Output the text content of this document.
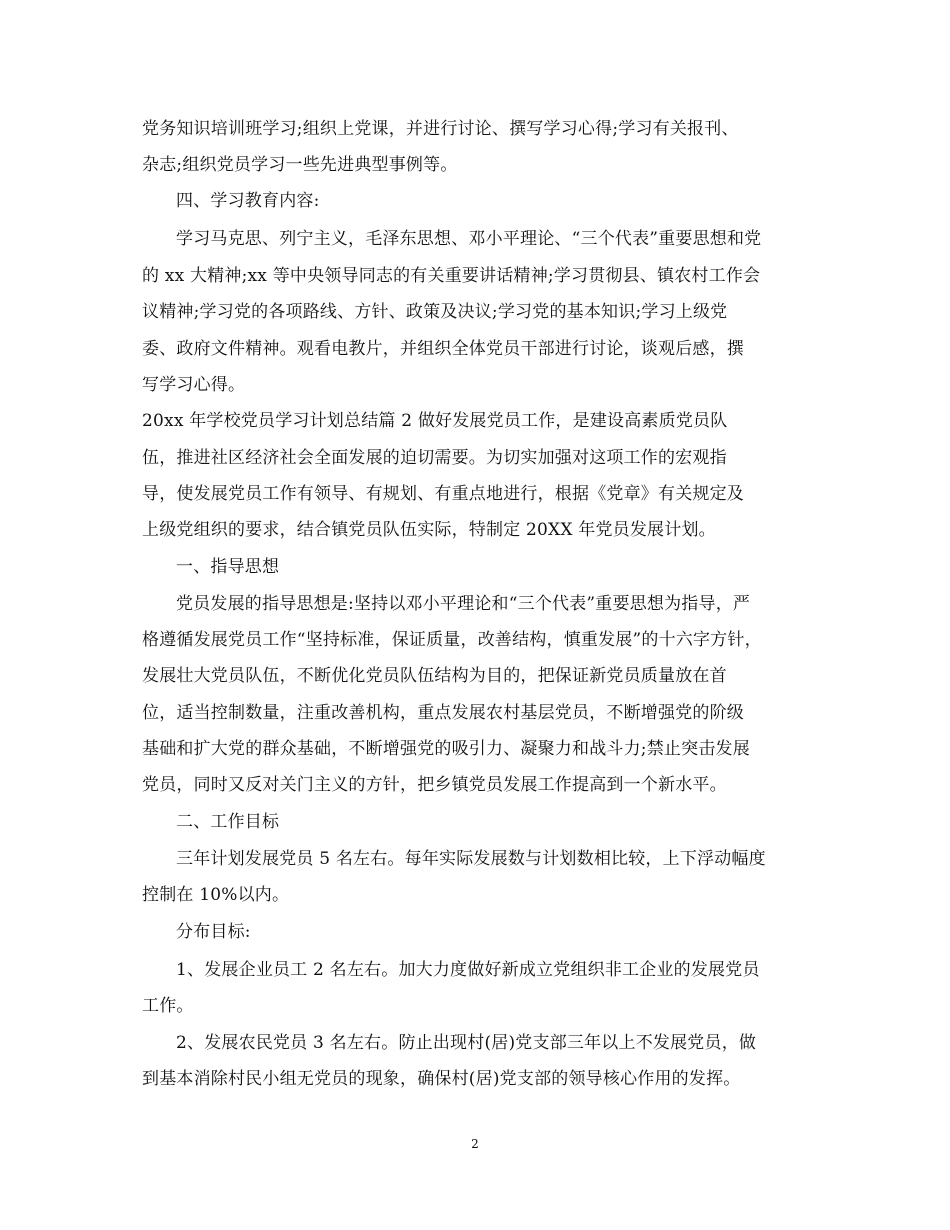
党务知识培训班学习;组织上党课，并进行讨论、撰写学习心得;学习有关报刊、
杂志;组织党员学习一些先进典型事例等。
四、学习教育内容:
学习马克思、列宁主义，毛泽东思想、邓小平理论、“三个代表”重要思想和党
的 xx 大精神;xx 等中央领导同志的有关重要讲话精神;学习贯彻县、镇农村工作会
议精神;学习党的各项路线、方针、政策及决议;学习党的基本知识;学习上级党
委、政府文件精神。观看电教片，并组织全体党员干部进行讨论，谈观后感，撰
写学习心得。
20xx 年学校党员学习计划总结篇 2 做好发展党员工作，是建设高素质党员队
伍，推进社区经济社会全面发展的迫切需要。为切实加强对这项工作的宏观指
导，使发展党员工作有领导、有规划、有重点地进行，根据《党章》有关规定及
上级党组织的要求，结合镇党员队伍实际，特制定 20XX 年党员发展计划。
一、指导思想
党员发展的指导思想是:坚持以邓小平理论和“三个代表”重要思想为指导，严
格遵循发展党员工作“坚持标准，保证质量，改善结构，慎重发展”的十六字方针，
发展壮大党员队伍，不断优化党员队伍结构为目的，把保证新党员质量放在首
位，适当控制数量，注重改善机构，重点发展农村基层党员，不断增强党的阶级
基础和扩大党的群众基础，不断增强党的吸引力、凝聚力和战斗力;禁止突击发展
党员，同时又反对关门主义的方针，把乡镇党员发展工作提高到一个新水平。
二、工作目标
三年计划发展党员 5 名左右。每年实际发展数与计划数相比较，上下浮动幅度
控制在 10%以内。
分布目标:
1、发展企业员工 2 名左右。加大力度做好新成立党组织非工企业的发展党员
工作。
2、发展农民党员 3 名左右。防止出现村(居)党支部三年以上不发展党员，做
到基本消除村民小组无党员的现象，确保村(居)党支部的领导核心作用的发挥。
2
